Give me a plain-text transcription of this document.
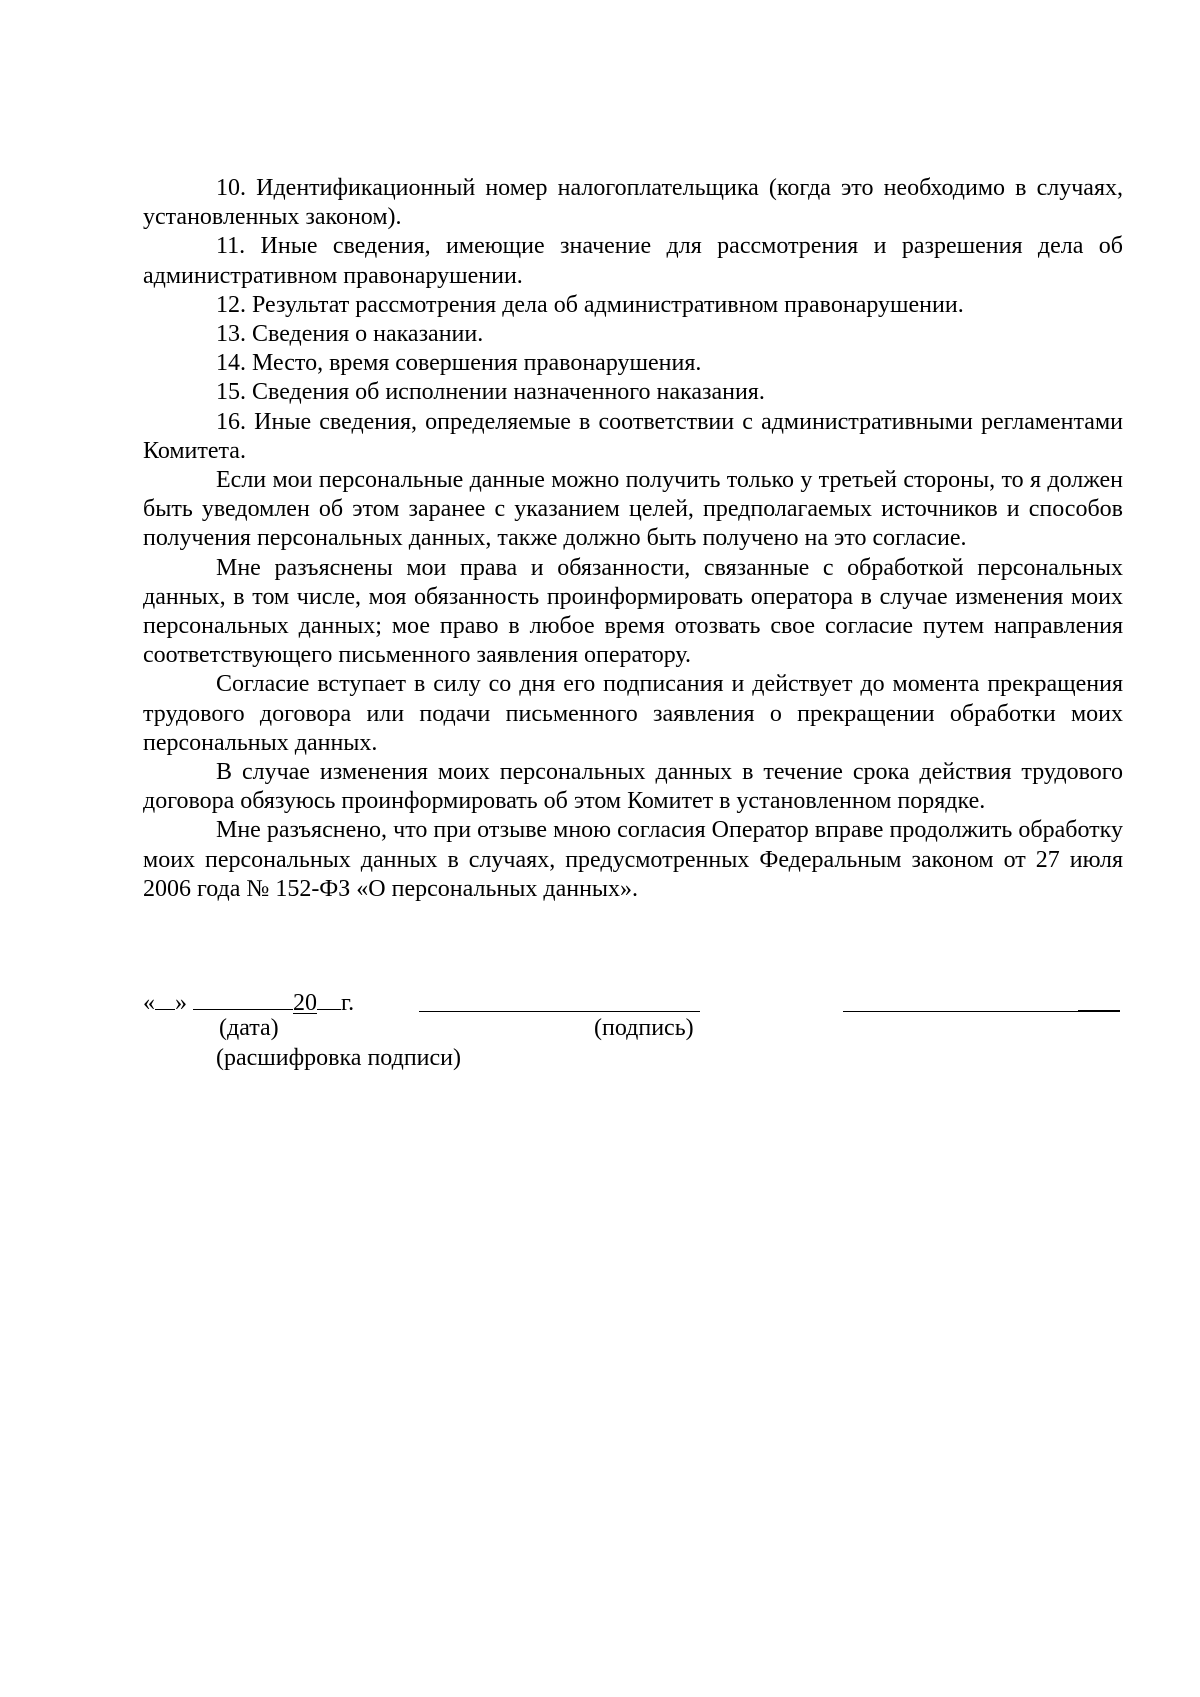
10. Идентификационный номер налогоплательщика (когда это необходимо в случаях, установленных законом).

11. Иные сведения, имеющие значение для рассмотрения и разрешения дела об административном правонарушении.

12. Результат рассмотрения дела об административном правонарушении.

13. Сведения о наказании.

14. Место, время совершения правонарушения.

15. Сведения об исполнении назначенного наказания.

16. Иные сведения, определяемые в соответствии с административными регламентами Комитета.

Если мои персональные данные можно получить только у третьей стороны, то я должен быть уведомлен об этом заранее с указанием целей, предполагаемых источников и способов получения персональных данных, также должно быть получено на это согласие.

Мне разъяснены мои права и обязанности, связанные с обработкой персональных данных, в том числе, моя обязанность проинформировать оператора в случае изменения моих персональных данных; мое право в любое время отозвать свое согласие путем направления соответствующего письменного заявления оператору.

Согласие вступает в силу со дня его подписания и действует до момента прекращения трудового договора или подачи письменного заявления о прекращении обработки моих персональных данных.

В случае изменения моих персональных данных в течение срока действия трудового договора обязуюсь проинформировать об этом Комитет в установленном порядке.

Мне разъяснено, что при отзыве мною согласия Оператор вправе продолжить обработку моих персональных данных в случаях, предусмотренных Федеральным законом от 27 июля 2006 года № 152-ФЗ «О персональных данных».

« »	20 г.
(дата)	(подпись)
(расшифровка подписи)
